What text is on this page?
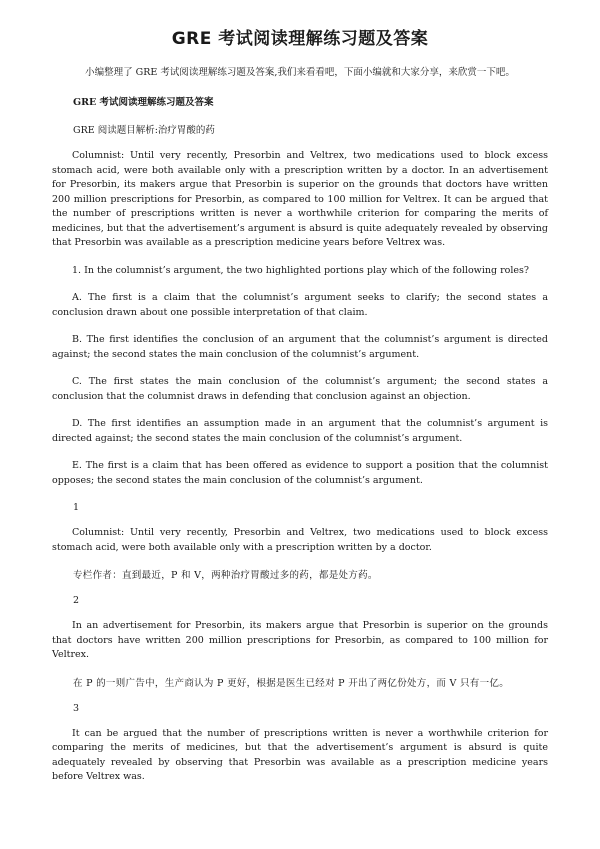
GRE 考试阅读理解练习题及答案

小编整理了 GRE 考试阅读理解练习题及答案,我们来看看吧，下面小编就和大家分享，来欣赏一下吧。

GRE 考试阅读理解练习题及答案
GRE 阅读题目解析:治疗胃酸的药

Columnist: Until very recently, Presorbin and Veltrex, two medications used to block excess stomach acid, were both available only with a prescription written by a doctor. In an advertisement for Presorbin, its makers argue that Presorbin is superior on the grounds that doctors have written 200 million prescriptions for Presorbin, as compared to 100 million for Veltrex. It can be argued that the number of prescriptions written is never a worthwhile criterion for comparing the merits of medicines, but that the advertisement’s argument is absurd is quite adequately revealed by observing that Presorbin was available as a prescription medicine years before Veltrex was.

1. In the columnist’s argument, the two highlighted portions play which of the following roles?

A. The first is a claim that the columnist’s argument seeks to clarify; the second states a conclusion drawn about one possible interpretation of that claim.

B. The first identifies the conclusion of an argument that the columnist’s argument is directed against; the second states the main conclusion of the columnist’s argument.

C. The first states the main conclusion of the columnist’s argument; the second states a conclusion that the columnist draws in defending that conclusion against an objection.

D. The first identifies an assumption made in an argument that the columnist’s argument is directed against; the second states the main conclusion of the columnist’s argument.

E. The first is a claim that has been offered as evidence to support a position that the columnist opposes; the second states the main conclusion of the columnist’s argument.

1

Columnist: Until very recently, Presorbin and Veltrex, two medications used to block excess stomach acid, were both available only with a prescription written by a doctor.

专栏作者：直到最近，P 和 V，两种治疗胃酸过多的药，都是处方药。
2

In an advertisement for Presorbin, its makers argue that Presorbin is superior on the grounds that doctors have written 200 million prescriptions for Presorbin, as compared to 100 million for Veltrex.

在 P 的一则广告中，生产商认为 P 更好，根据是医生已经对 P 开出了两亿份处方，而 V 只有一亿。
3

It can be argued that the number of prescriptions written is never a worthwhile criterion for comparing the merits of medicines, but that the advertisement’s argument is absurd is quite adequately revealed by observing that Presorbin was available as a prescription medicine years before Veltrex was.
